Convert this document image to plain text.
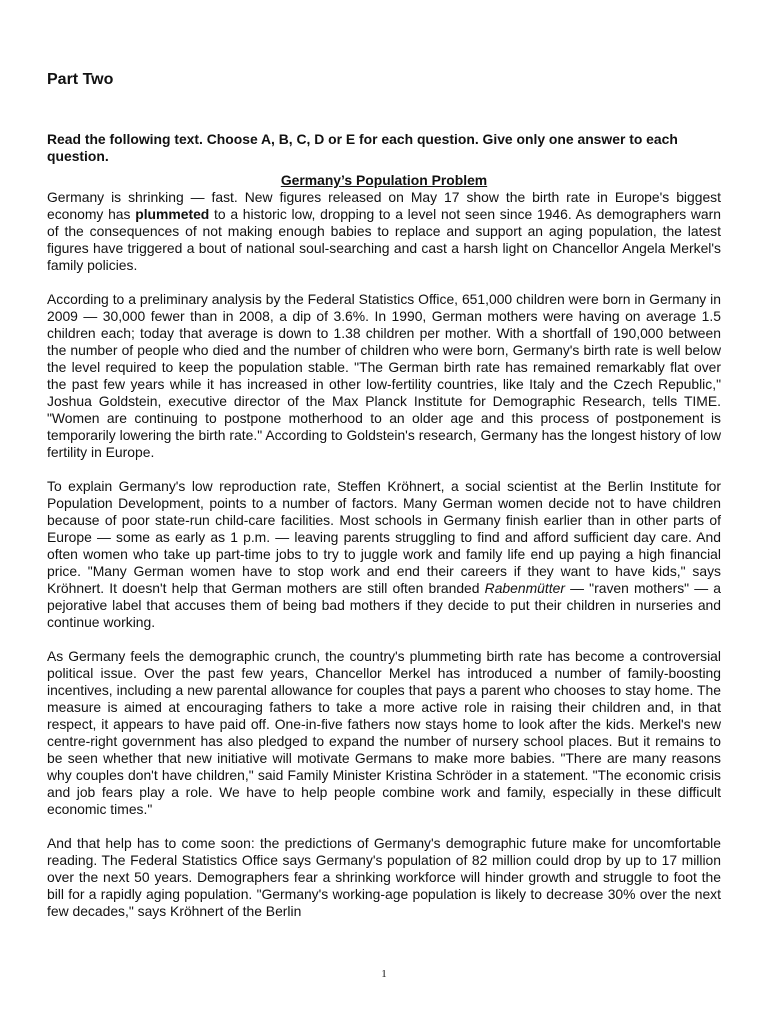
Part Two
Read the following text. Choose A, B, C, D or E for each question. Give only one answer to each question.
Germany’s Population Problem

Germany is shrinking — fast. New figures released on May 17 show the birth rate in Europe's biggest economy has plummeted to a historic low, dropping to a level not seen since 1946. As demographers warn of the consequences of not making enough babies to replace and support an aging population, the latest figures have triggered a bout of national soul-searching and cast a harsh light on Chancellor Angela Merkel's family policies.

According to a preliminary analysis by the Federal Statistics Office, 651,000 children were born in Germany in 2009 — 30,000 fewer than in 2008, a dip of 3.6%. In 1990, German mothers were having on average 1.5 children each; today that average is down to 1.38 children per mother. With a shortfall of 190,000 between the number of people who died and the number of children who were born, Germany's birth rate is well below the level required to keep the population stable. "The German birth rate has remained remarkably flat over the past few years while it has increased in other low-fertility countries, like Italy and the Czech Republic," Joshua Goldstein, executive director of the Max Planck Institute for Demographic Research, tells TIME. "Women are continuing to postpone motherhood to an older age and this process of postponement is temporarily lowering the birth rate." According to Goldstein's research, Germany has the longest history of low fertility in Europe.

To explain Germany's low reproduction rate, Steffen Kröhnert, a social scientist at the Berlin Institute for Population Development, points to a number of factors. Many German women decide not to have children because of poor state-run child-care facilities. Most schools in Germany finish earlier than in other parts of Europe — some as early as 1 p.m. — leaving parents struggling to find and afford sufficient day care. And often women who take up part-time jobs to try to juggle work and family life end up paying a high financial price. "Many German women have to stop work and end their careers if they want to have kids," says Kröhnert. It doesn't help that German mothers are still often branded Rabenmütter — "raven mothers" — a pejorative label that accuses them of being bad mothers if they decide to put their children in nurseries and continue working.

As Germany feels the demographic crunch, the country's plummeting birth rate has become a controversial political issue. Over the past few years, Chancellor Merkel has introduced a number of family-boosting incentives, including a new parental allowance for couples that pays a parent who chooses to stay home. The measure is aimed at encouraging fathers to take a more active role in raising their children and, in that respect, it appears to have paid off. One-in-five fathers now stays home to look after the kids. Merkel's new centre-right government has also pledged to expand the number of nursery school places. But it remains to be seen whether that new initiative will motivate Germans to make more babies. "There are many reasons why couples don't have children," said Family Minister Kristina Schröder in a statement. "The economic crisis and job fears play a role. We have to help people combine work and family, especially in these difficult economic times."

And that help has to come soon: the predictions of Germany's demographic future make for uncomfortable reading. The Federal Statistics Office says Germany's population of 82 million could drop by up to 17 million over the next 50 years. Demographers fear a shrinking workforce will hinder growth and struggle to foot the bill for a rapidly aging population. "Germany's working-age population is likely to decrease 30% over the next few decades," says Kröhnert of the Berlin

1
